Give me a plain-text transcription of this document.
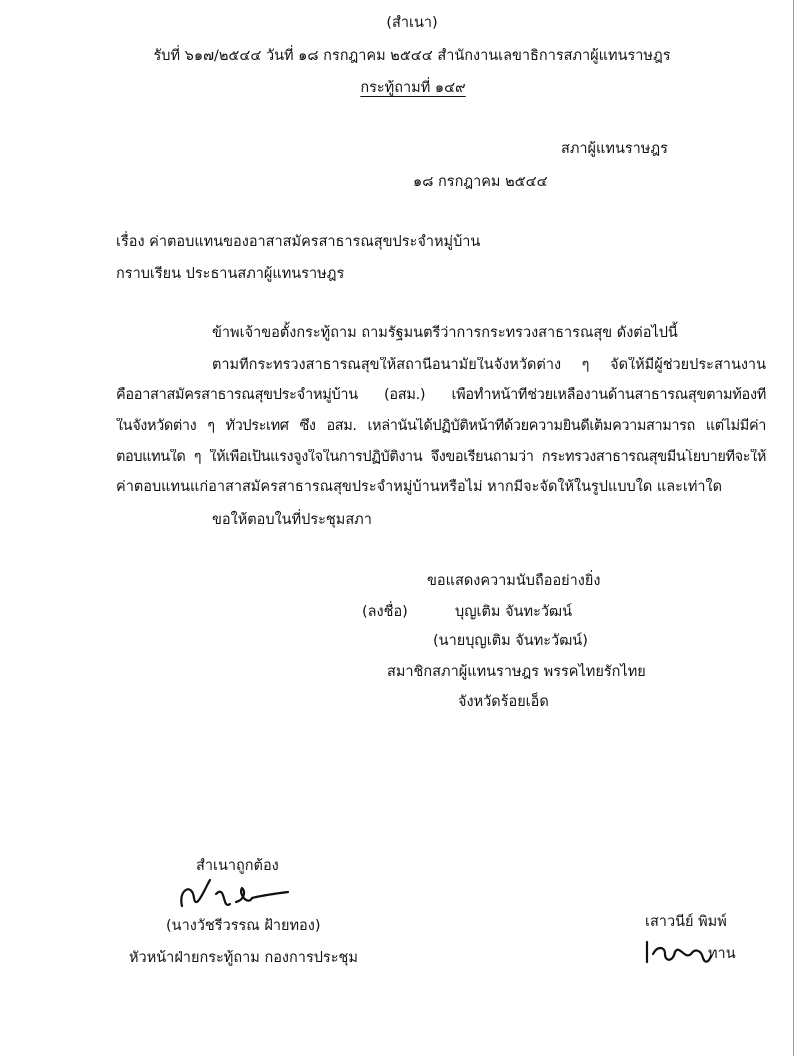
(สำเนา)
รับที่ ๖๑๗/๒๕๔๔ วันที่ ๑๘ กรกฎาคม ๒๕๔๔ สำนักงานเลขาธิการสภาผู้แทนราษฎร
กระทู้ถามที่ ๑๔๙
สภาผู้แทนราษฎร
๑๘ กรกฎาคม ๒๕๔๔
เรื่อง ค่าตอบแทนของอาสาสมัครสาธารณสุขประจำหมู่บ้าน
กราบเรียน ประธานสภาผู้แทนราษฎร
ข้าพเจ้าขอตั้งกระทู้ถาม ถามรัฐมนตรีว่าการกระทรวงสาธารณสุข ดังต่อไปนี้
ตามที่กระทรวงสาธารณสุขให้สถานีอนามัยในจังหวัดต่าง ๆ จัดให้มีผู้ช่วยประสานงาน
คืออาสาสมัครสาธารณสุขประจำหมู่บ้าน (อสม.) เพื่อทำหน้าที่ช่วยเหลืองานด้านสาธารณสุขตามท้องที่
ในจังหวัดต่าง ๆ ทั่วประเทศ ซึ่ง อสม. เหล่านั้นได้ปฏิบัติหน้าที่ด้วยความยินดีเต็มความสามารถ แต่ไม่มีค่า
ตอบแทนใด ๆ ให้เพื่อเป็นแรงจูงใจในการปฏิบัติงาน จึงขอเรียนถามว่า กระทรวงสาธารณสุขมีนโยบายที่จะให้
ค่าตอบแทนแก่อาสาสมัครสาธารณสุขประจำหมู่บ้านหรือไม่ หากมีจะจัดให้ในรูปแบบใด และเท่าใด
ขอให้ตอบในที่ประชุมสภา
ขอแสดงความนับถืออย่างยิ่ง
(ลงชื่อ)	บุญเติม จันทะวัฒน์
(นายบุญเติม จันทะวัฒน์)
สมาชิกสภาผู้แทนราษฎร พรรคไทยรักไทย
จังหวัดร้อยเอ็ด
สำเนาถูกต้อง
(นางวัชรีวรรณ ฝ้ายทอง)
หัวหน้าฝ่ายกระทู้ถาม กองการประชุม
เสาวนีย์ พิมพ์
ทาน
